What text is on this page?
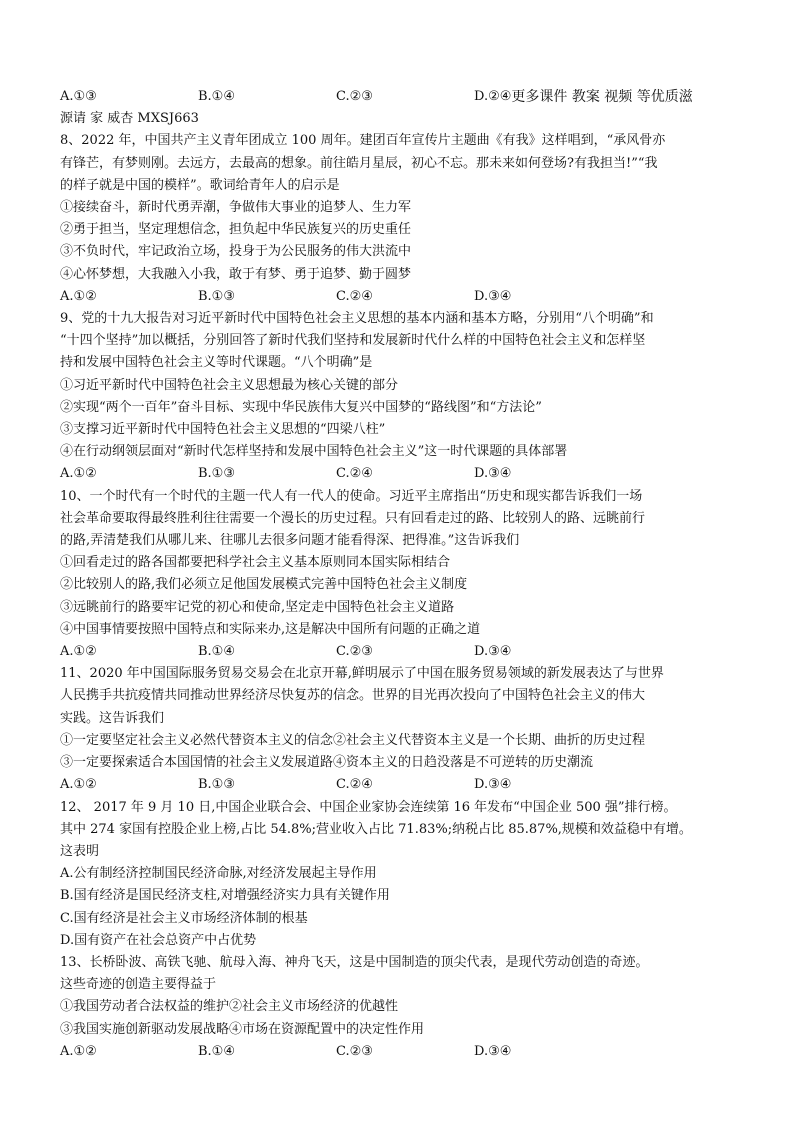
A.①③	B.①④	C.②③	D.②④ 更多课件 教案 视频 等优质滋
源请 家 威杏 MXSJ663
8、2022 年，中国共产主义青年团成立 100 周年。建团百年宣传片主题曲《有我》这样唱到，“承风骨亦
有锋芒，有梦则刚。去远方，去最高的想象。前往皓月星辰，初心不忘。那未来如何登场?有我担当!”“我
的样子就是中国的模样”。歌词给青年人的启示是
①接续奋斗，新时代勇弄潮，争做伟大事业的追梦人、生力军
②勇于担当，坚定理想信念，担负起中华民族复兴的历史重任
③不负时代，牢记政治立场，投身于为公民服务的伟大洪流中
④心怀梦想，大我融入小我，敢于有梦、勇于追梦、勤于圆梦
A.①②	B.①③	C.②④	D.③④
9、党的十九大报告对习近平新时代中国特色社会主义思想的基本内涵和基本方略，分别用“八个明确”和
“十四个坚持”加以概括，分别回答了新时代我们坚持和发展新时代什么样的中国特色社会主义和怎样坚
持和发展中国特色社会主义等时代课题。“八个明确”是
①习近平新时代中国特色社会主义思想最为核心关键的部分
②实现“两个一百年”奋斗目标、实现中华民族伟大复兴中国梦的“路线图”和“方法论”
③支撑习近平新时代中国特色社会主义思想的“四梁八柱”
④在行动纲领层面对“新时代怎样坚持和发展中国特色社会主义”这一时代课题的具体部署
A.①②	B.①③	C.②④	D.③④
10、一个时代有一个时代的主题一代人有一代人的使命。习近平主席指出“历史和现实都告诉我们一场
社会革命要取得最终胜利往往需要一个漫长的历史过程。只有回看走过的路、比较别人的路、远眺前行
的路,弄清楚我们从哪儿来、往哪儿去很多问题才能看得深、把得准。”这告诉我们
①回看走过的路各国都要把科学社会主义基本原则同本国实际相结合
②比较别人的路,我们必须立足他国发展模式完善中国特色社会主义制度
③远眺前行的路要牢记党的初心和使命,坚定走中国特色社会主义道路
④中国事情要按照中国特点和实际来办,这是解决中国所有问题的正确之道
A.①②	B.①④	C.②③	D.③④
11、2020 年中国国际服务贸易交易会在北京开幕,鲜明展示了中国在服务贸易领域的新发展表达了与世界
人民携手共抗疫情共同推动世界经济尽快复苏的信念。世界的目光再次投向了中国特色社会主义的伟大
实践。这告诉我们
①一定要坚定社会主义必然代替资本主义的信念②社会主义代替资本主义是一个长期、曲折的历史过程
③一定要探索适合本国国情的社会主义发展道路④资本主义的日趋没落是不可逆转的历史潮流
A.①②	B.①③	C.②④	D.③④
12、 2017 年 9 月 10 日,中国企业联合会、中国企业家协会连续第 16 年发布“中国企业 500 强”排行榜。
其中 274 家国有控股企业上榜,占比 54.8%;营业收入占比 71.83%;纳税占比 85.87%,规模和效益稳中有增。
这表明
A.公有制经济控制国民经济命脉,对经济发展起主导作用
B.国有经济是国民经济支柱,对增强经济实力具有关键作用
C.国有经济是社会主义市场经济体制的根基
D.国有资产在社会总资产中占优势
13、长桥卧波、高铁飞驰、航母入海、神舟飞天，这是中国制造的顶尖代表，是现代劳动创造的奇迹。
这些奇迹的创造主要得益于
①我国劳动者合法权益的维护②社会主义市场经济的优越性
③我国实施创新驱动发展战略④市场在资源配置中的决定性作用
A.①②	B.①④	C.②③	D.③④
